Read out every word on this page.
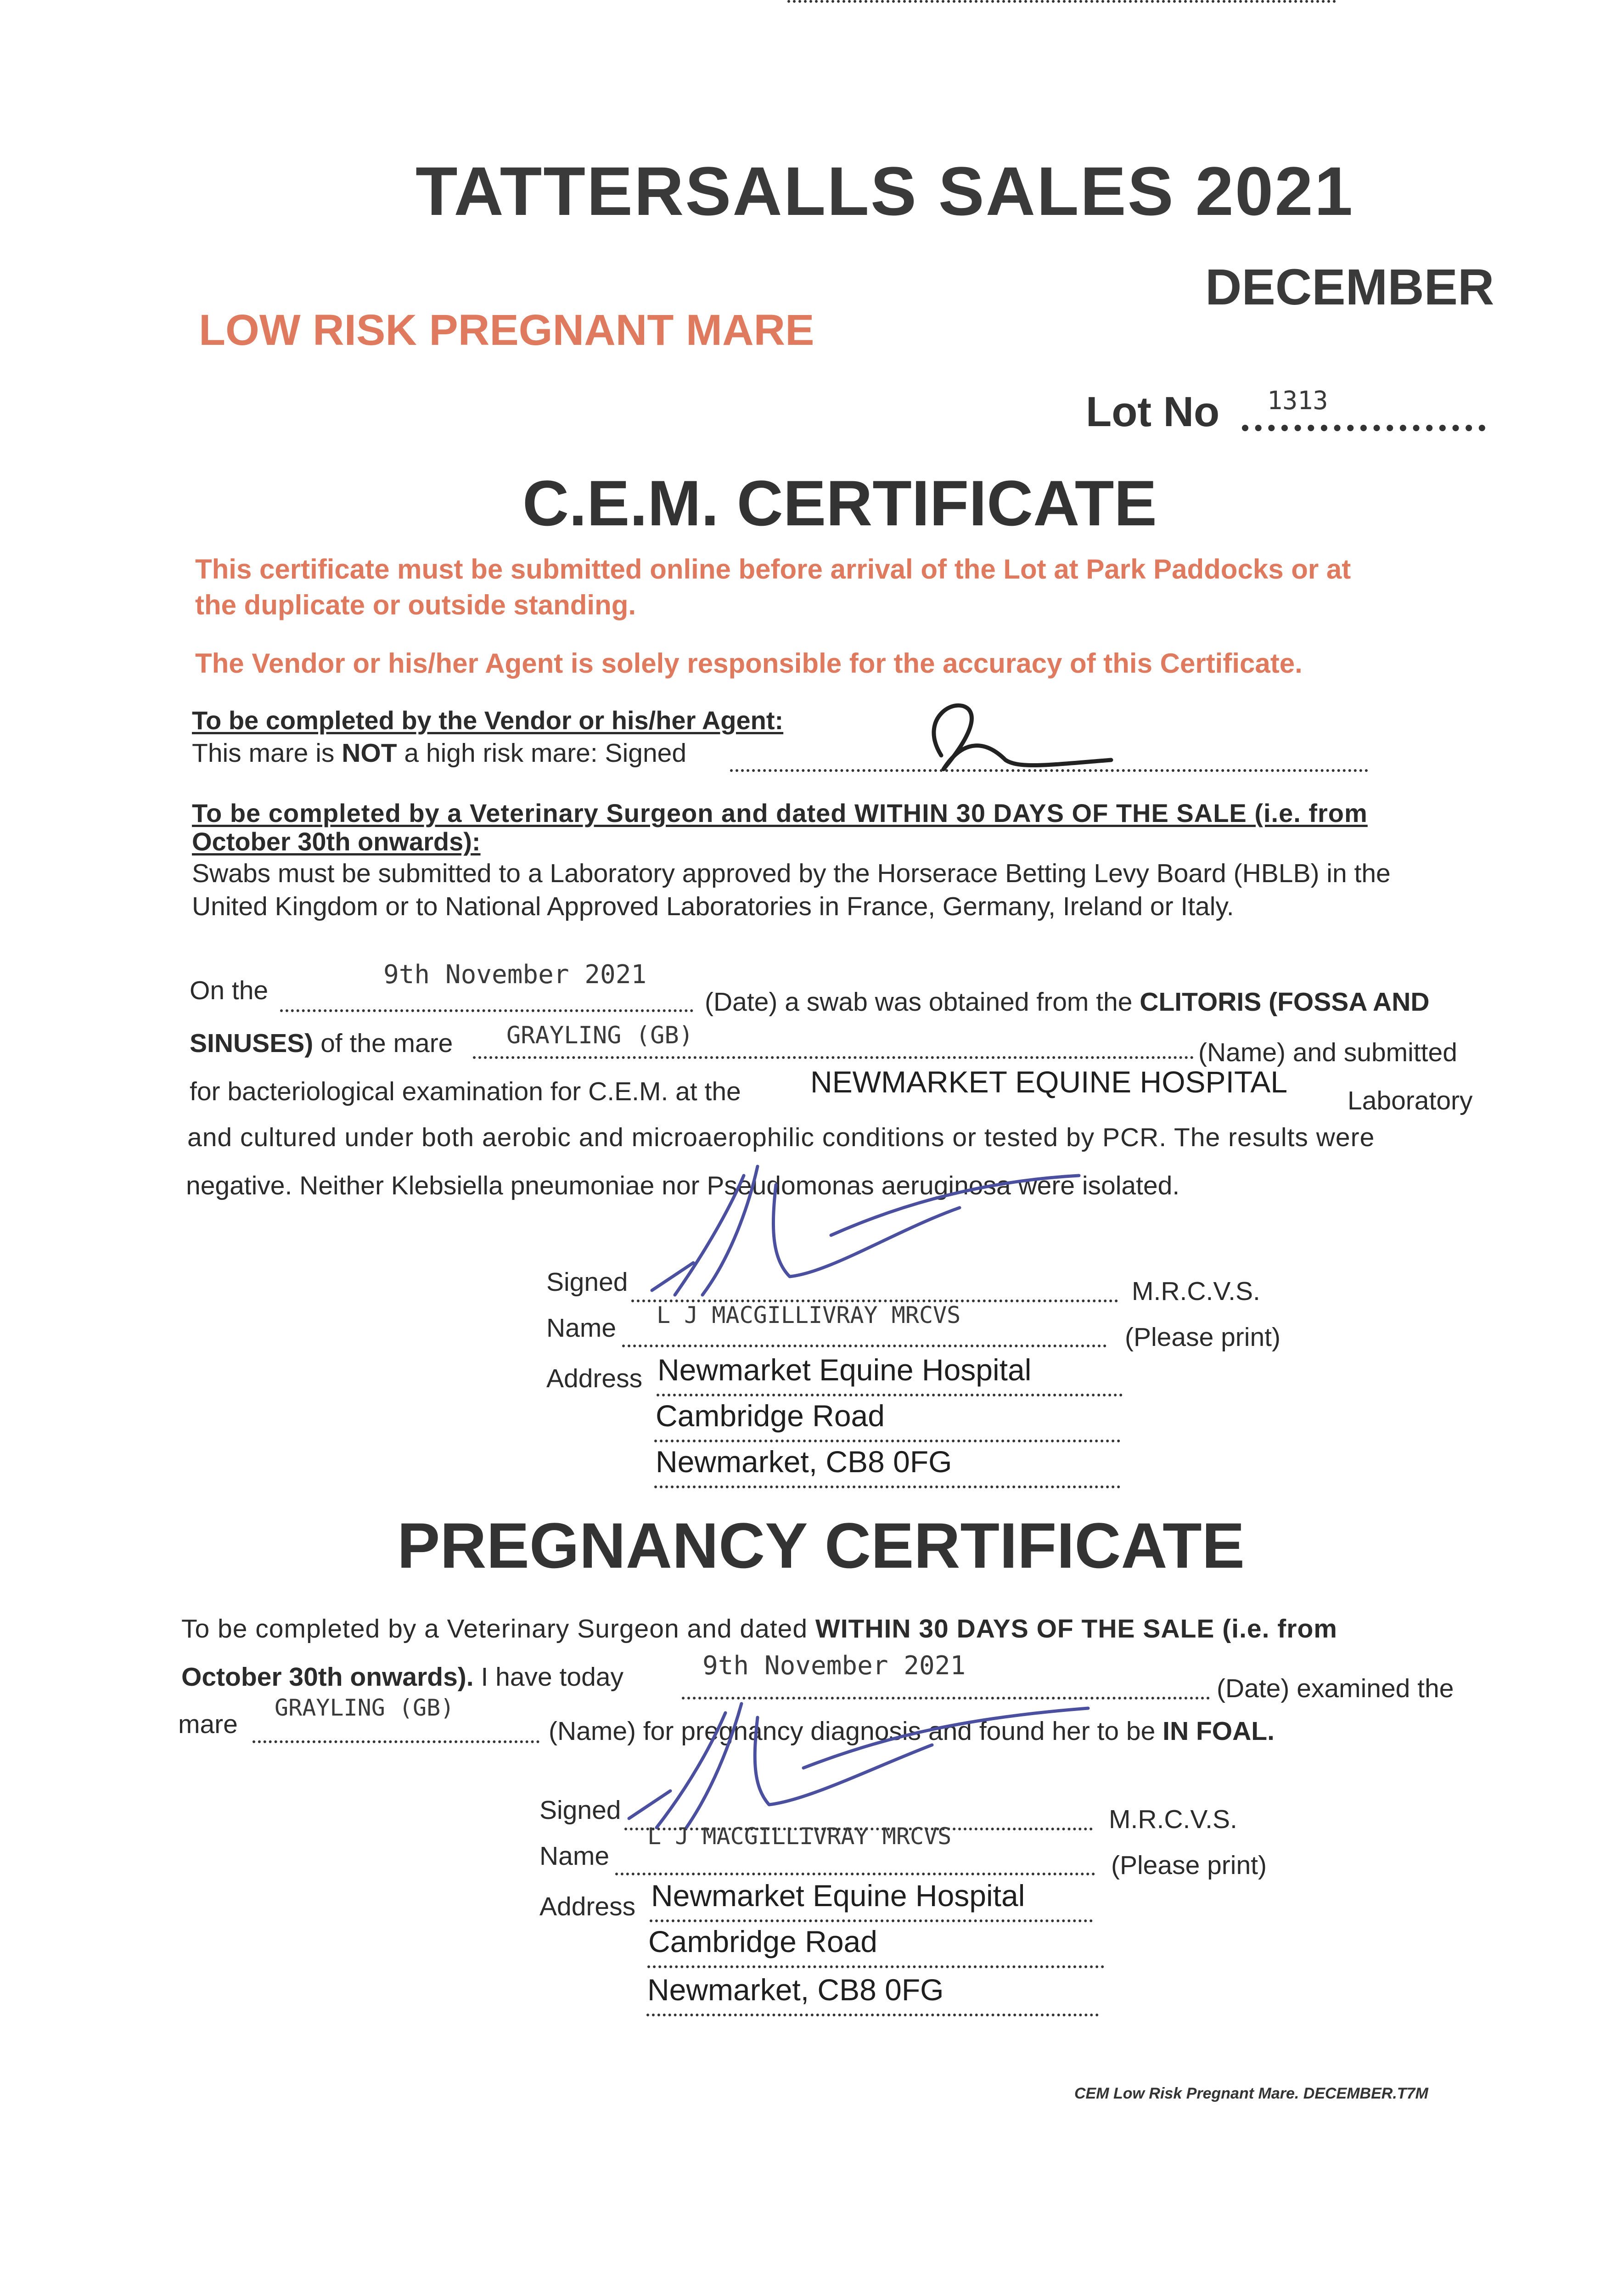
TATTERSALLS SALES 2021
DECEMBER
LOW RISK PREGNANT MARE
Lot No 1313
C.E.M. CERTIFICATE
This certificate must be submitted online before arrival of the Lot at Park Paddocks or at
the duplicate or outside standing.
The Vendor or his/her Agent is solely responsible for the accuracy of this Certificate.
To be completed by the Vendor or his/her Agent:
This mare is NOT a high risk mare: Signed
To be completed by a Veterinary Surgeon and dated WITHIN 30 DAYS OF THE SALE (i.e. from
October 30th onwards):
Swabs must be submitted to a Laboratory approved by the Horserace Betting Levy Board (HBLB) in the
United Kingdom or to National Approved Laboratories in France, Germany, Ireland or Italy.
On the
9th November 2021
(Date) a swab was obtained from the CLITORIS (FOSSA AND
SINUSES) of the mare GRAYLING (GB)
(Name) and submitted
for bacteriological examination for C.E.M. at the NEWMARKET EQUINE HOSPITAL
Laboratory
and cultured under both aerobic and microaerophilic conditions or tested by PCR. The results were
negative. Neither Klebsiella pneumoniae nor Pseudomonas aeruginosa were isolated.
Signed	M.R.C.V.S.
Name L J MACGILLIVRAY MRCVS
(Please print)
Address Newmarket Equine Hospital
Cambridge Road
Newmarket, CB8 0FG
PREGNANCY CERTIFICATE
To be completed by a Veterinary Surgeon and dated WITHIN 30 DAYS OF THE SALE (i.e. from
October 30th onwards). I have today	9th November 2021
(Date) examined the
mare
GRAYLING (GB)
(Name) for pregnancy diagnosis and found her to be IN FOAL.
Signed	M.R.C.V.S.
Name
L J MACGILLIVRAY MRCVS
(Please print)
Address Newmarket Equine Hospital
Cambridge Road
Newmarket, CB8 0FG
CEM Low Risk Pregnant Mare. DECEMBER.T7M
